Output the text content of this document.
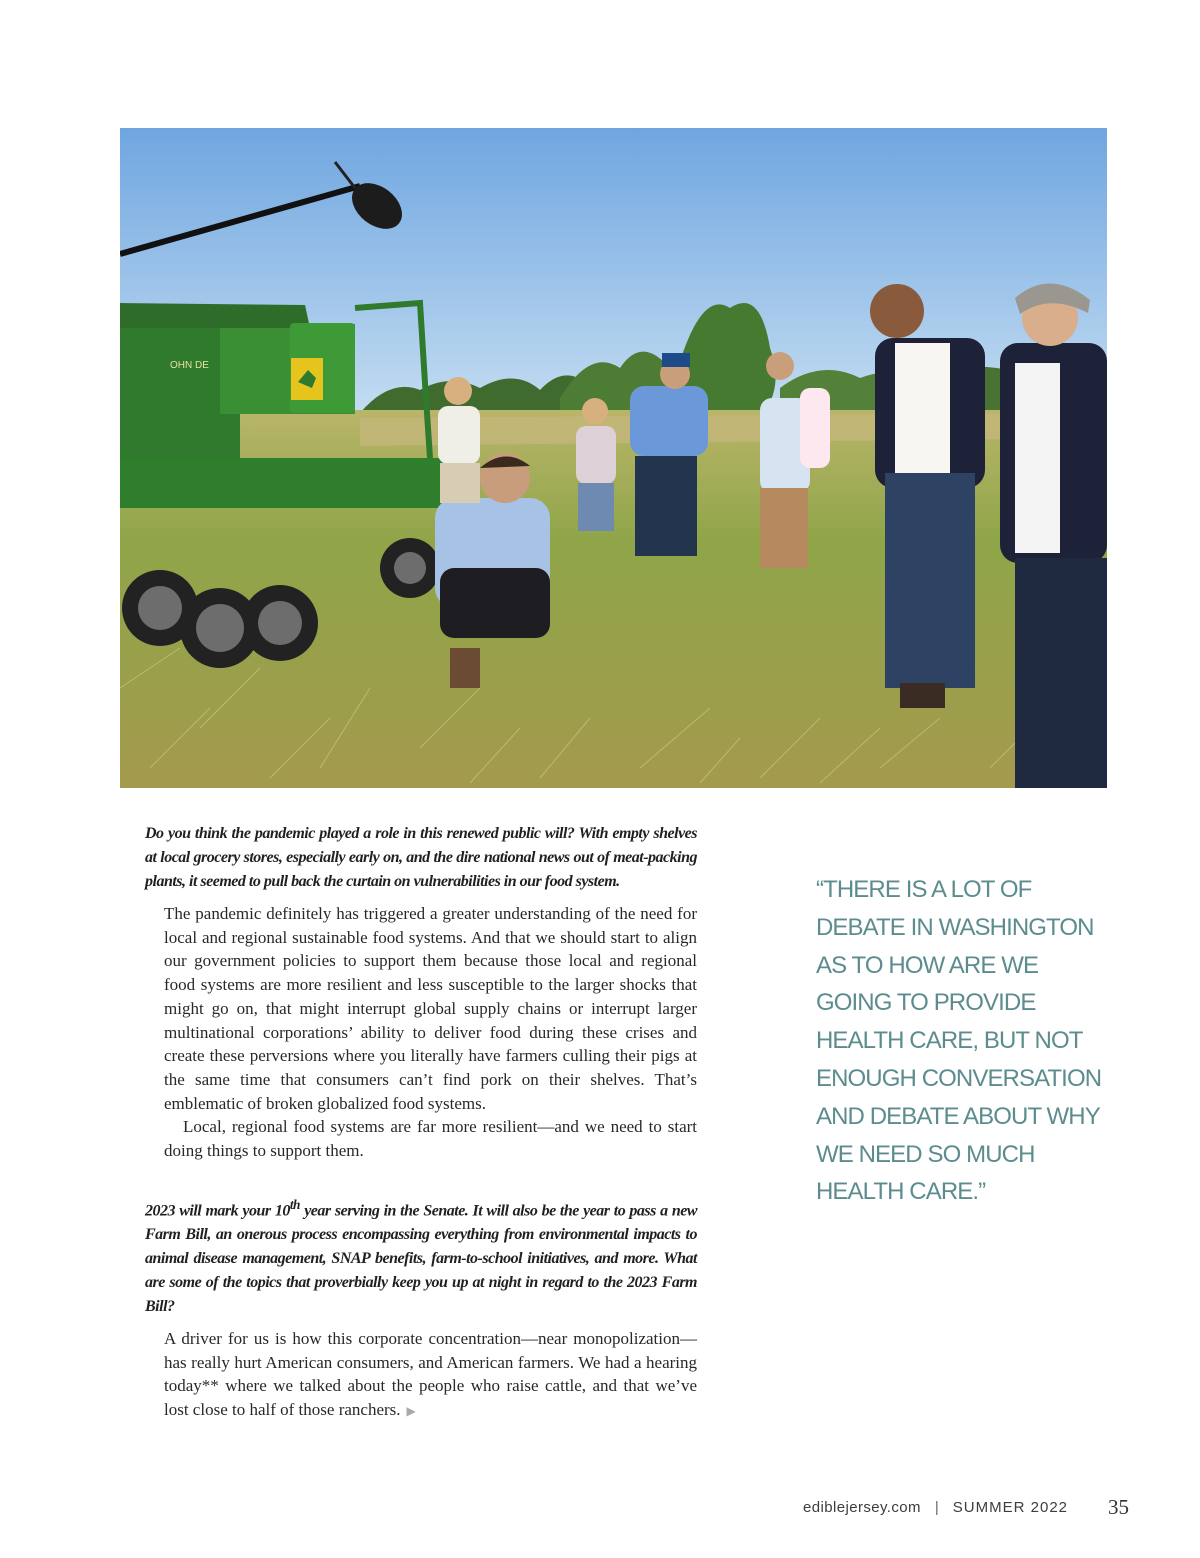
OHN DE

Do you think the pandemic played a role in this renewed public will? With empty shelves at local grocery stores, especially early on, and the dire national news out of meat-packing plants, it seemed to pull back the curtain on vulnerabilities in our food system.

The pandemic definitely has triggered a greater understanding of the need for local and regional sustainable food systems. And that we should start to align our government policies to support them because those local and regional food systems are more resilient and less susceptible to the larger shocks that might go on, that might interrupt global supply chains or interrupt larger multinational corporations’ ability to deliver food during these crises and create these perversions where you literally have farmers culling their pigs at the same time that consumers can’t find pork on their shelves. That’s emblematic of broken globalized food systems.

Local, regional food systems are far more resilient—and we need to start doing things to support them.

2023 will mark your 10th year serving in the Senate. It will also be the year to pass a new Farm Bill, an onerous process encompassing everything from environmental impacts to animal disease management, SNAP benefits, farm-to-school initiatives, and more. What are some of the topics that proverbially keep you up at night in regard to the 2023 Farm Bill?

A driver for us is how this corporate concentration—near monopolization—has really hurt American consumers, and American farmers. We had a hearing today** where we talked about the people who raise cattle, and that we’ve lost close to half of those ranchers. ▶

“THERE IS A LOT OF DEBATE IN WASHINGTON AS TO HOW ARE WE GOING TO PROVIDE HEALTH CARE, BUT NOT ENOUGH CONVERSATION AND DEBATE ABOUT WHY WE NEED SO MUCH HEALTH CARE.”
ediblejersey.com | SUMMER 2022 35
